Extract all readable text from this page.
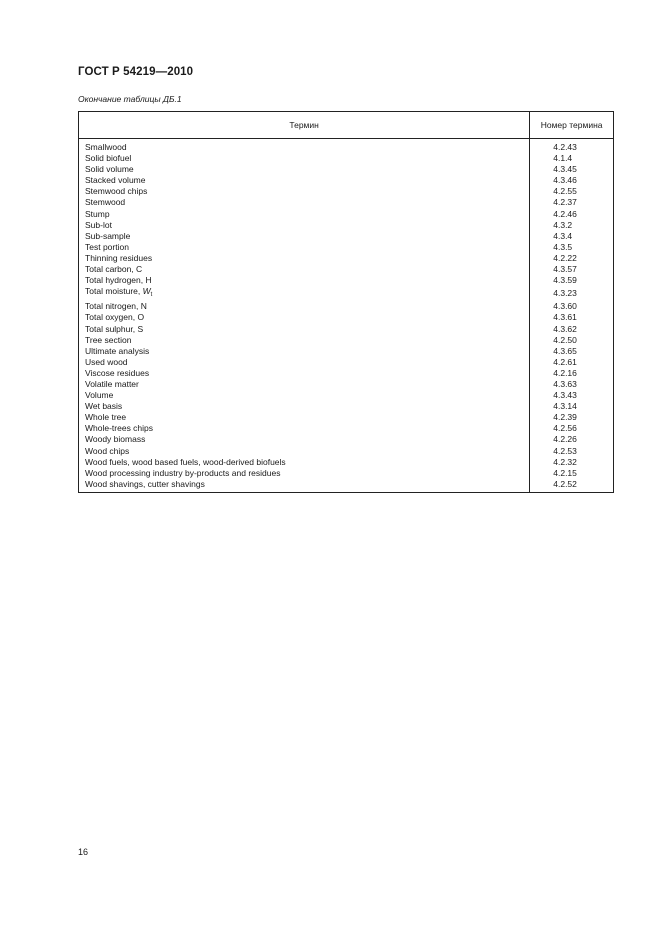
ГОСТ Р 54219—2010
Окончание таблицы ДБ.1
Термин	Номер термина
Smallwood	4.2.43
Solid biofuel	4.1.4
Solid volume	4.3.45
Stacked volume	4.3.46
Stemwood chips	4.2.55
Stemwood	4.2.37
Stump	4.2.46
Sub-lot	4.3.2
Sub-sample	4.3.4
Test portion	4.3.5
Thinning residues	4.2.22
Total carbon, C	4.3.57
Total hydrogen, H	4.3.59
Total moisture, $W_t$	4.3.23
Total nitrogen, N	4.3.60
Total oxygen, O	4.3.61
Total sulphur, S	4.3.62
Tree section	4.2.50
Ultimate analysis	4.3.65
Used wood	4.2.61
Viscose residues	4.2.16
Volatile matter	4.3.63
Volume	4.3.43
Wet basis	4.3.14
Whole tree	4.2.39
Whole-trees chips	4.2.56
Woody biomass	4.2.26
Wood chips	4.2.53
Wood fuels, wood based fuels, wood-derived biofuels	4.2.32
Wood processing industry by-products and residues	4.2.15
Wood shavings, cutter shavings	4.2.52
16
